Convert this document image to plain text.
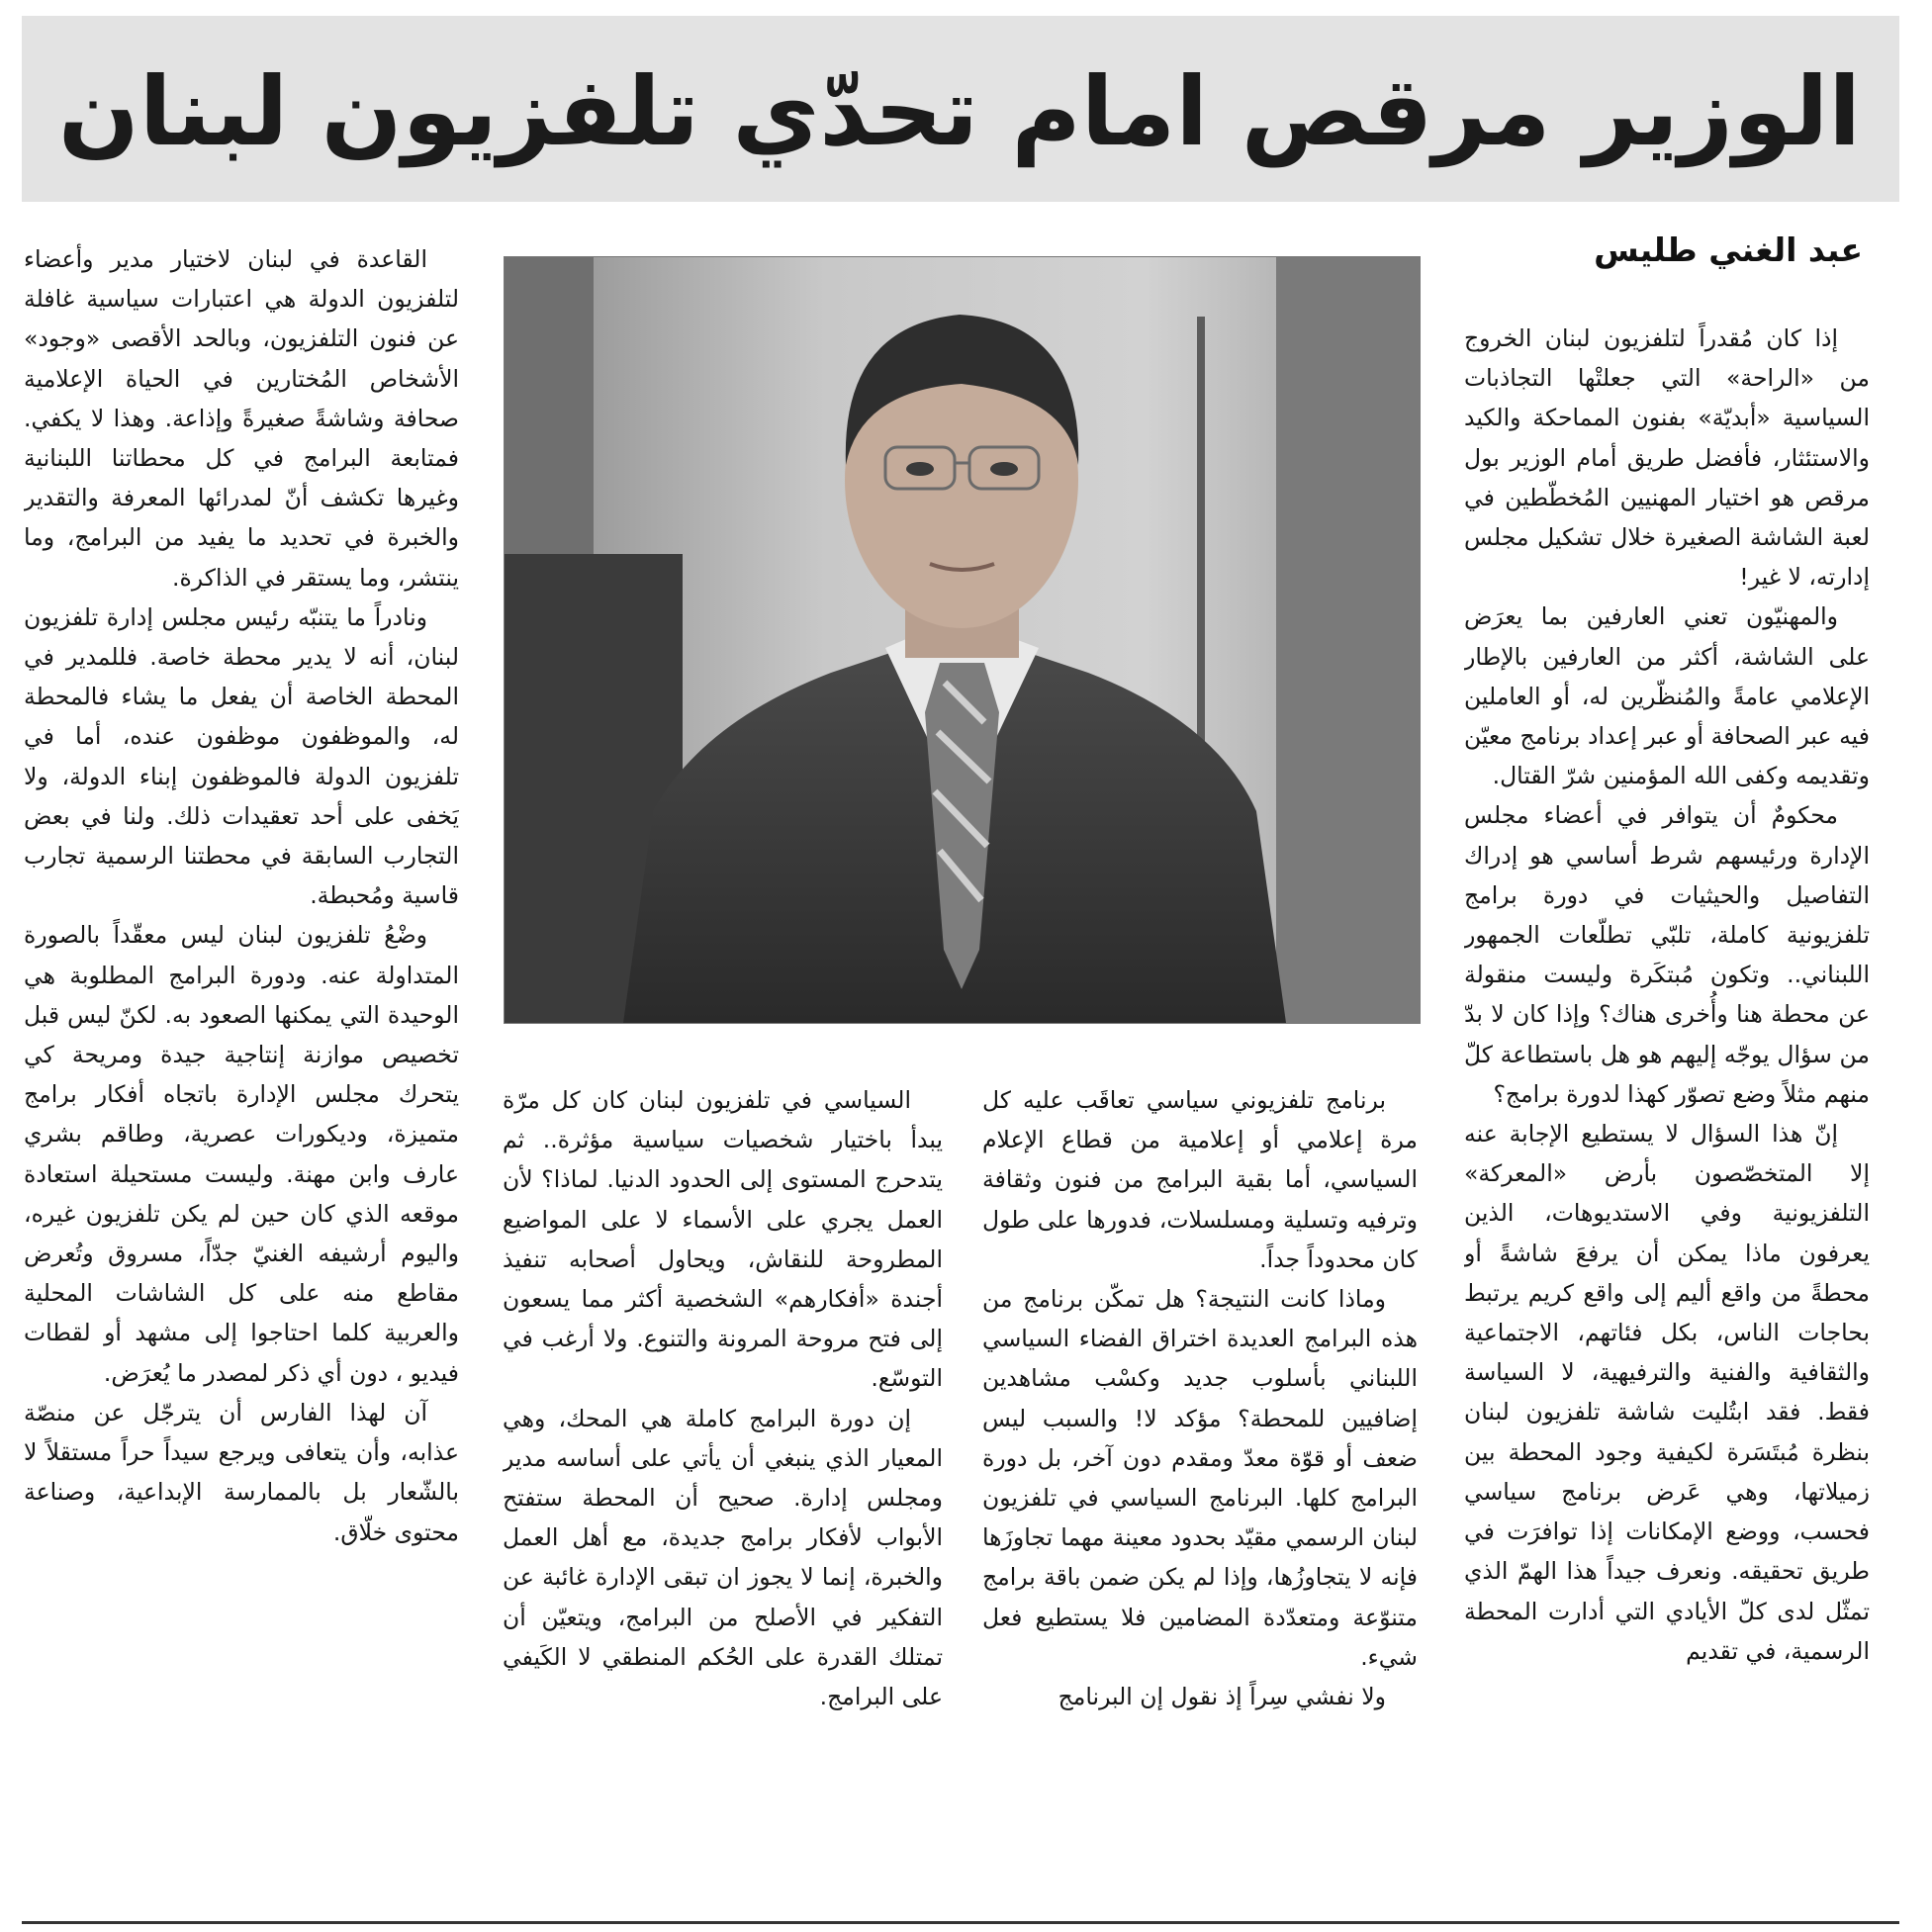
الوزير مرقص امام تحدّي تلفزيون لبنان
عبد الغني طليس

إذا كان مُقدراً لتلفزيون لبنان الخروج من «الراحة» التي جعلتْها التجاذبات السياسية «أبديّة» بفنون المماحكة والكيد والاستئثار، فأفضل طريق أمام الوزير بول مرقص هو اختيار المهنيين المُخطّطين في لعبة الشاشة الصغيرة خلال تشكيل مجلس إدارته، لا غير!

والمهنيّون تعني العارفين بما يعرَض على الشاشة، أكثر من العارفين بالإطار الإعلامي عامةً والمُنظّرين له، أو العاملين فيه عبر الصحافة أو عبر إعداد برنامج معيّن وتقديمه وكفى الله المؤمنين شرّ القتال.

محكومٌ أن يتوافر في أعضاء مجلس الإدارة ورئيسهم شرط أساسي هو إدراك التفاصيل والحيثيات في دورة برامج تلفزيونية كاملة، تلبّي تطلّعات الجمهور اللبناني.. وتكون مُبتكَرة وليست منقولة عن محطة هنا وأُخرى هناك؟ وإذا كان لا بدّ من سؤال يوجّه إليهم هو هل باستطاعة كلّ منهم مثلاً وضع تصوّر كهذا لدورة برامج؟

إنّ هذا السؤال لا يستطيع الإجابة عنه إلا المتخصّصون بأرض «المعركة» التلفزيونية وفي الاستديوهات، الذين يعرفون ماذا يمكن أن يرفعَ شاشةً أو محطةً من واقع أليم إلى واقع كريم يرتبط بحاجات الناس، بكل فئاتهم، الاجتماعية والثقافية والفنية والترفيهية، لا السياسة فقط. فقد ابتُليت شاشة تلفزيون لبنان بنظرة مُبتَسَرة لكيفية وجود المحطة بين زميلاتها، وهي عَرض برنامج سياسي فحسب، ووضع الإمكانات إذا توافرَت في طريق تحقيقه. ونعرف جيداً هذا الهمّ الذي تمثّل لدى كلّ الأيادي التي أدارت المحطة الرسمية، في تقديم

برنامج تلفزيوني سياسي تعاقَب عليه كل مرة إعلامي أو إعلامية من قطاع الإعلام السياسي، أما بقية البرامج من فنون وثقافة وترفيه وتسلية ومسلسلات، فدورها على طول كان محدوداً جداً.

وماذا كانت النتيجة؟ هل تمكّن برنامج من هذه البرامج العديدة اختراق الفضاء السياسي اللبناني بأسلوب جديد وكسْب مشاهدين إضافيين للمحطة؟ مؤكد لا! والسبب ليس ضعف أو قوّة معدّ ومقدم دون آخر، بل دورة البرامج كلها. البرنامج السياسي في تلفزيون لبنان الرسمي مقيّد بحدود معينة مهما تجاوزَها فإنه لا يتجاوزُها، وإذا لم يكن ضمن باقة برامج متنوّعة ومتعدّدة المضامين فلا يستطيع فعل شيء.

ولا نفشي سِراً إذ نقول إن البرنامج

السياسي في تلفزيون لبنان كان كل مرّة يبدأ باختيار شخصيات سياسية مؤثرة.. ثم يتدحرج المستوى إلى الحدود الدنيا. لماذا؟ لأن العمل يجري على الأسماء لا على المواضيع المطروحة للنقاش، ويحاول أصحابه تنفيذ أجندة «أفكارهم» الشخصية أكثر مما يسعون إلى فتح مروحة المرونة والتنوع. ولا أرغب في التوسّع.

إن دورة البرامج كاملة هي المحك، وهي المعيار الذي ينبغي أن يأتي على أساسه مدير ومجلس إدارة. صحيح أن المحطة ستفتح الأبواب لأفكار برامج جديدة، مع أهل العمل والخبرة، إنما لا يجوز ان تبقى الإدارة غائبة عن التفكير في الأصلح من البرامج، ويتعيّن أن تمتلك القدرة على الحُكم المنطقي لا الكَيفي على البرامج.

القاعدة في لبنان لاختيار مدير وأعضاء لتلفزيون الدولة هي اعتبارات سياسية غافلة عن فنون التلفزيون، وبالحد الأقصى «وجود» الأشخاص المُختارين في الحياة الإعلامية صحافة وشاشةً صغيرةً وإذاعة. وهذا لا يكفي. فمتابعة البرامج في كل محطاتنا اللبنانية وغيرها تكشف أنّ لمدرائها المعرفة والتقدير والخبرة في تحديد ما يفيد من البرامج، وما ينتشر، وما يستقر في الذاكرة.

ونادراً ما يتنبّه رئيس مجلس إدارة تلفزيون لبنان، أنه لا يدير محطة خاصة. فللمدير في المحطة الخاصة أن يفعل ما يشاء فالمحطة له، والموظفون موظفون عنده، أما في تلفزيون الدولة فالموظفون إبناء الدولة، ولا يَخفى على أحد تعقيدات ذلك. ولنا في بعض التجارب السابقة في محطتنا الرسمية تجارب قاسية ومُحبطة.

وضْعُ تلفزيون لبنان ليس معقّداً بالصورة المتداولة عنه. ودورة البرامج المطلوبة هي الوحيدة التي يمكنها الصعود به. لكنّ ليس قبل تخصيص موازنة إنتاجية جيدة ومريحة كي يتحرك مجلس الإدارة باتجاه أفكار برامج متميزة، وديكورات عصرية، وطاقم بشري عارف وابن مهنة. وليست مستحيلة استعادة موقعه الذي كان حين لم يكن تلفزيون غيره، واليوم أرشيفه الغنيّ جدّاً، مسروق وتُعرض مقاطع منه على كل الشاشات المحلية والعربية كلما احتاجوا إلى مشهد أو لقطات فيديو ، دون أي ذكر لمصدر ما يُعرَض.

آن لهذا الفارس أن يترجّل عن منصّة عذابه، وأن يتعافى ويرجع سيداً حراً مستقلاً لا بالشّعار بل بالممارسة الإبداعية، وصناعة محتوى خلّاق.
